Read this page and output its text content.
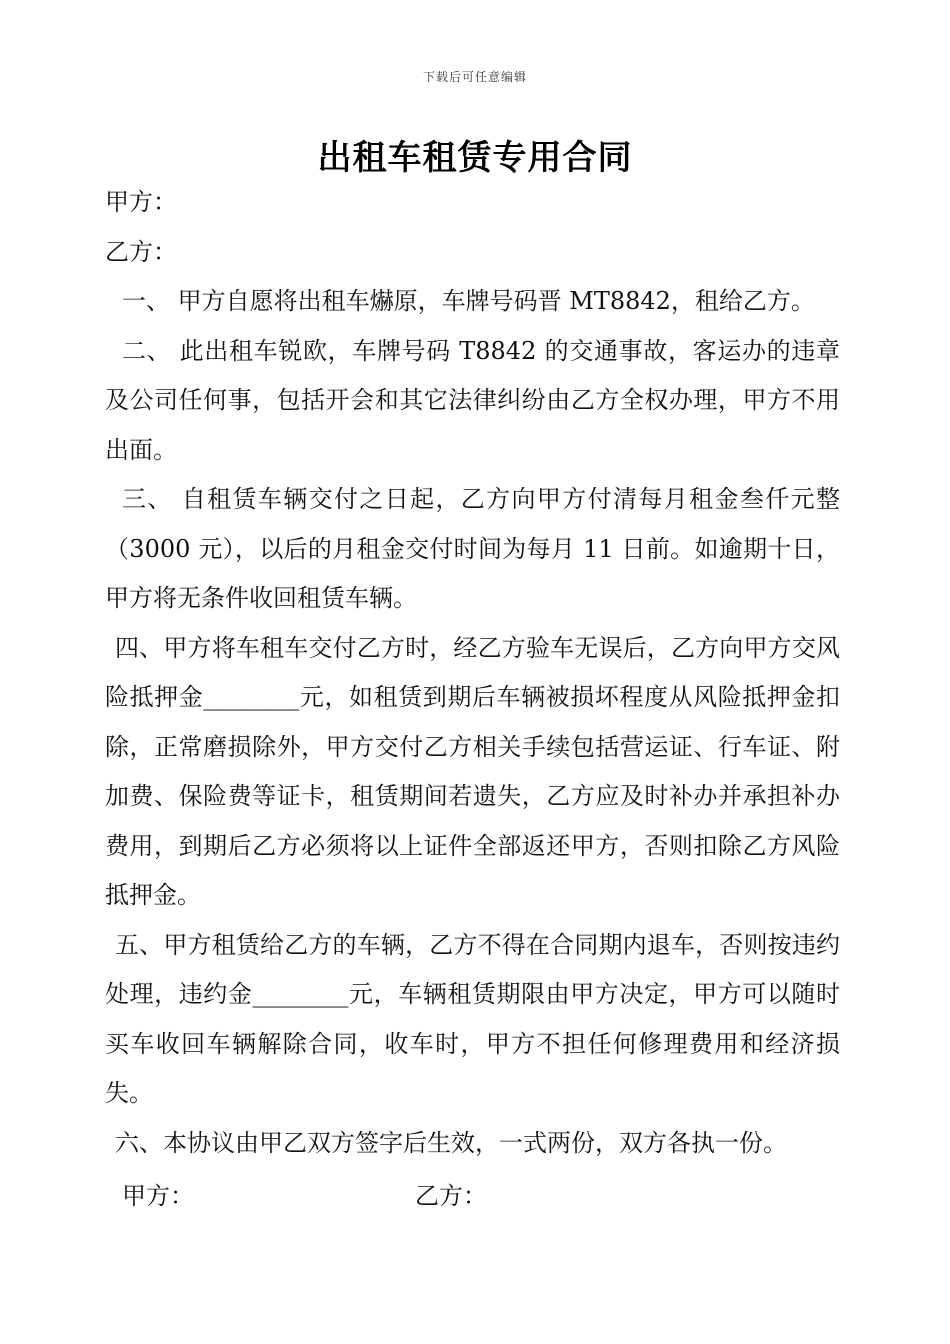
下载后可任意编辑
出租车租赁专用合同

甲方：

乙方：

一、 甲方自愿将出租车爀原，车牌号码晋 MT8842，租给乙方。

二、 此出租车锐欧，车牌号码 T8842 的交通事故，客运办的违章及公司任何事，包括开会和其它法律纠纷由乙方全权办理，甲方不用出面。

三、 自租赁车辆交付之日起，乙方向甲方付清每月租金叁仟元整（3000 元），以后的月租金交付时间为每月 11 日前。如逾期十日，甲方将无条件收回租赁车辆。

四、甲方将车租车交付乙方时，经乙方验车无误后，乙方向甲方交风险抵押金________元，如租赁到期后车辆被损坏程度从风险抵押金扣除，正常磨损除外，甲方交付乙方相关手续包括营运证、行车证、附加费、保险费等证卡，租赁期间若遗失，乙方应及时补办并承担补办费用，到期后乙方必须将以上证件全部返还甲方，否则扣除乙方风险抵押金。

五、甲方租赁给乙方的车辆，乙方不得在合同期内退车，否则按违约处理，违约金________元，车辆租赁期限由甲方决定，甲方可以随时买车收回车辆解除合同，收车时，甲方不担任何修理费用和经济损失。

六、本协议由甲乙双方签字后生效，一式两份，双方各执一份。

甲方：	乙方：
